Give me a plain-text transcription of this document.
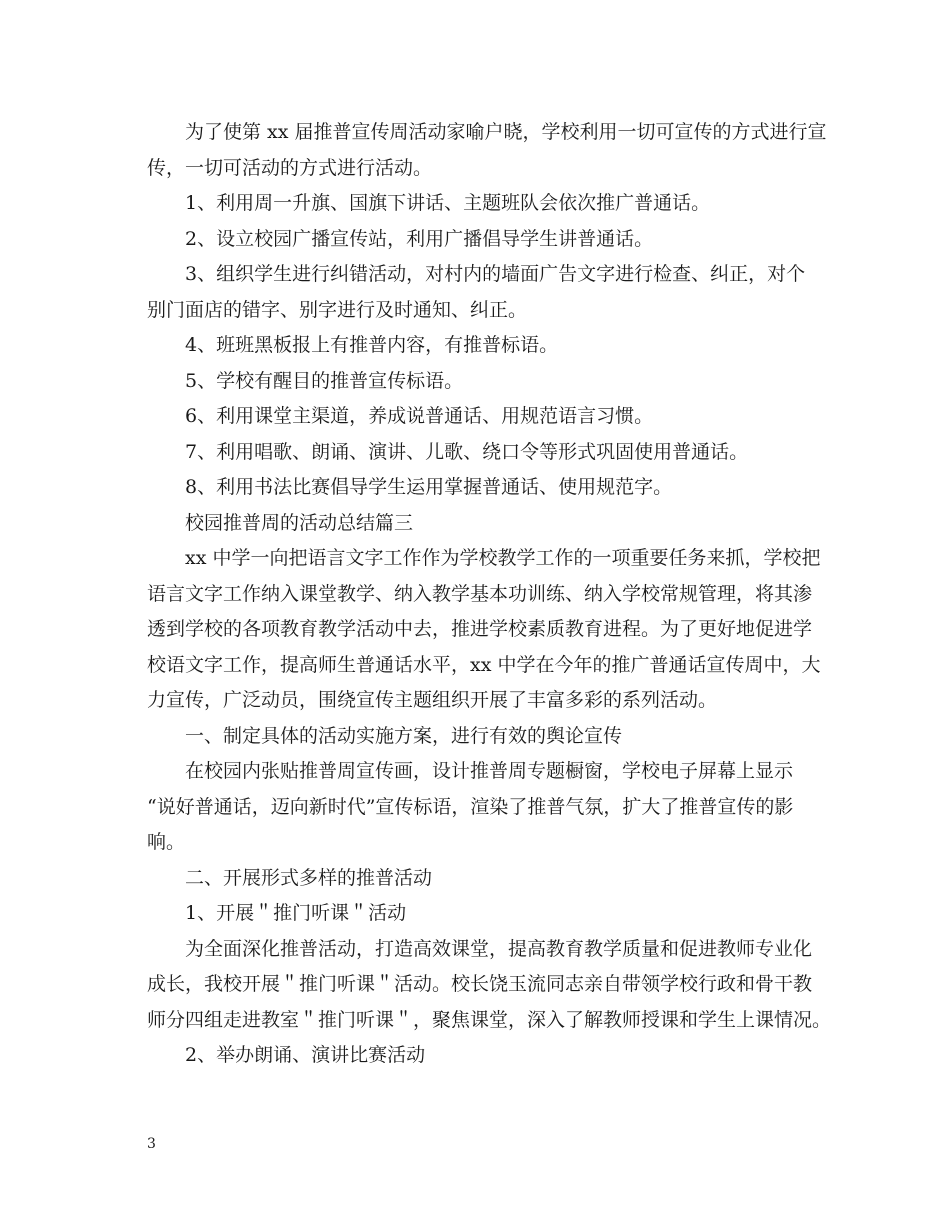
为了使第 xx 届推普宣传周活动家喻户晓，学校利用一切可宣传的方式进行宣

传，一切可活动的方式进行活动。

1、利用周一升旗、国旗下讲话、主题班队会依次推广普通话。

2、设立校园广播宣传站，利用广播倡导学生讲普通话。

3、组织学生进行纠错活动，对村内的墙面广告文字进行检查、纠正，对个

别门面店的错字、别字进行及时通知、纠正。

4、班班黑板报上有推普内容，有推普标语。

5、学校有醒目的推普宣传标语。

6、利用课堂主渠道，养成说普通话、用规范语言习惯。

7、利用唱歌、朗诵、演讲、儿歌、绕口令等形式巩固使用普通话。

8、利用书法比赛倡导学生运用掌握普通话、使用规范字。

校园推普周的活动总结篇三

xx 中学一向把语言文字工作作为学校教学工作的一项重要任务来抓，学校把

语言文字工作纳入课堂教学、纳入教学基本功训练、纳入学校常规管理，将其渗

透到学校的各项教育教学活动中去，推进学校素质教育进程。为了更好地促进学

校语文字工作，提高师生普通话水平，xx 中学在今年的推广普通话宣传周中，大

力宣传，广泛动员，围绕宣传主题组织开展了丰富多彩的系列活动。

一、制定具体的活动实施方案，进行有效的舆论宣传

在校园内张贴推普周宣传画，设计推普周专题橱窗，学校电子屏幕上显示

“说好普通话，迈向新时代”宣传标语，渲染了推普气氛，扩大了推普宣传的影

响。

二、开展形式多样的推普活动

1、开展＂推门听课＂活动

为全面深化推普活动，打造高效课堂，提高教育教学质量和促进教师专业化

成长，我校开展＂推门听课＂活动。校长饶玉流同志亲自带领学校行政和骨干教

师分四组走进教室＂推门听课＂，聚焦课堂，深入了解教师授课和学生上课情况。

2、举办朗诵、演讲比赛活动

3
